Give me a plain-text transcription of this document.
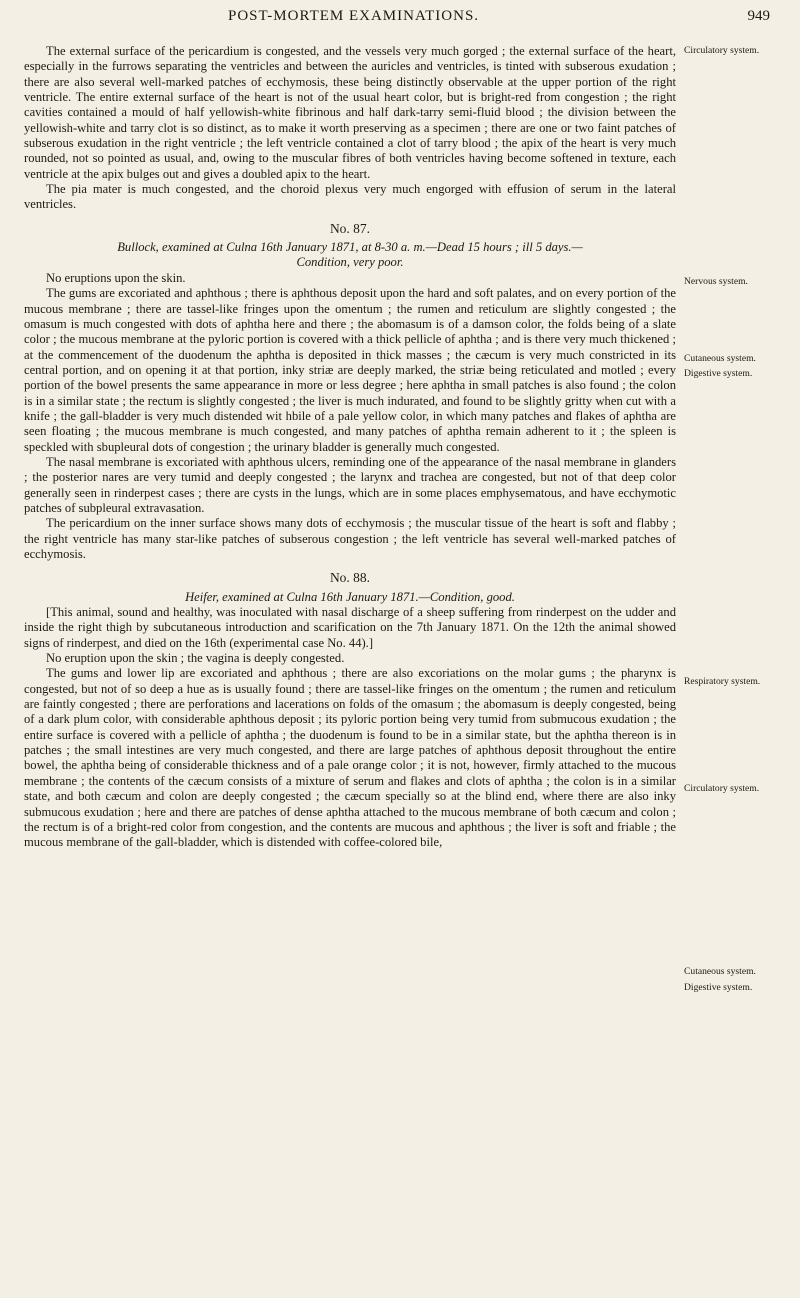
POST-MORTEM EXAMINATIONS.	949

The external surface of the pericardium is congested, and the vessels very much gorged ; the external surface of the heart, especially in the furrows separating the ventricles and between the auricles and ventricles, is tinted with subserous exudation ; there are also several well-marked patches of ecchymosis, these being distinctly observable at the upper portion of the right ventricle. The entire external surface of the heart is not of the usual heart color, but is bright-red from congestion ; the right cavities contained a mould of half yellowish-white fibrinous and half dark-tarry semi-fluid blood ; the division between the yellowish-white and tarry clot is so distinct, as to make it worth preserving as a specimen ; there are one or two faint patches of subserous exudation in the right ventricle ; the left ventricle contained a clot of tarry blood ; the apix of the heart is very much rounded, not so pointed as usual, and, owing to the muscular fibres of both ventricles having become softened in texture, each ventricle at the apix bulges out and gives a doubled apix to the heart.

The pia mater is much congested, and the choroid plexus very much engorged with effusion of serum in the lateral ventricles.

No. 87.
Bullock, examined at Culna 16th January 1871, at 8-30 a. m.—Dead 15 hours ; ill 5 days.—
Condition, very poor.

No eruptions upon the skin.

The gums are excoriated and aphthous ; there is aphthous deposit upon the hard and soft palates, and on every portion of the mucous membrane ; there are tassel-like fringes upon the omentum ; the rumen and reticulum are slightly congested ; the omasum is much congested with dots of aphtha here and there ; the abomasum is of a damson color, the folds being of a slate color ; the mucous membrane at the pyloric portion is covered with a thick pellicle of aphtha ; and is there very much thickened ; at the commencement of the duodenum the aphtha is deposited in thick masses ; the cæcum is very much constricted in its central portion, and on opening it at that portion, inky striæ are deeply marked, the striæ being reticulated and motled ; every portion of the bowel presents the same appearance in more or less degree ; here aphtha in small patches is also found ; the colon is in a similar state ; the rectum is slightly congested ; the liver is much indurated, and found to be slightly gritty when cut with a knife ; the gall-bladder is very much distended wit hbile of a pale yellow color, in which many patches and flakes of aphtha are seen floating ; the mucous membrane is much congested, and many patches of aphtha remain adherent to it ; the spleen is speckled with sbupleural dots of congestion ; the urinary bladder is generally much congested.

The nasal membrane is excoriated with aphthous ulcers, reminding one of the appearance of the nasal membrane in glanders ; the posterior nares are very tumid and deeply congested ; the larynx and trachea are congested, but not of that deep color generally seen in rinderpest cases ; there are cysts in the lungs, which are in some places emphysematous, and have ecchymotic patches of subpleural extravasation.

The pericardium on the inner surface shows many dots of ecchymosis ; the muscular tissue of the heart is soft and flabby ; the right ventricle has many star-like patches of subserous congestion ; the left ventricle has several well-marked patches of ecchymosis.

No. 88.
Heifer, examined at Culna 16th January 1871.—Condition, good.

[This animal, sound and healthy, was inoculated with nasal discharge of a sheep suffering from rinderpest on the udder and inside the right thigh by subcutaneous introduction and scarification on the 7th January 1871. On the 12th the animal showed signs of rinderpest, and died on the 16th (experimental case No. 44).]

No eruption upon the skin ; the vagina is deeply congested.

The gums and lower lip are excoriated and aphthous ; there are also excoriations on the molar gums ; the pharynx is congested, but not of so deep a hue as is usually found ; there are tassel-like fringes on the omentum ; the rumen and reticulum are faintly congested ; there are perforations and lacerations on folds of the omasum ; the abomasum is deeply congested, being of a dark plum color, with considerable aphthous deposit ; its pyloric portion being very tumid from submucous exudation ; the entire surface is covered with a pellicle of aphtha ; the duodenum is found to be in a similar state, but the aphtha thereon is in patches ; the small intestines are very much congested, and there are large patches of aphthous deposit throughout the entire bowel, the aphtha being of considerable thickness and of a pale orange color ; it is not, however, firmly attached to the mucous membrane ; the contents of the cæcum consists of a mixture of serum and flakes and clots of aphtha ; the colon is in a similar state, and both cæcum and colon are deeply congested ; the cæcum specially so at the blind end, where there are also inky submucous exudation ; here and there are patches of dense aphtha attached to the mucous membrane of both cæcum and colon ; the rectum is of a bright-red color from congestion, and the contents are mucous and aphthous ; the liver is soft and friable ; the mucous membrane of the gall-bladder, which is distended with coffee-colored bile,

Circulatory system.
Nervous system.
Cutaneous system.
Digestive system.
Respiratory system.
Circulatory system.
Cutaneous system.
Digestive system.
